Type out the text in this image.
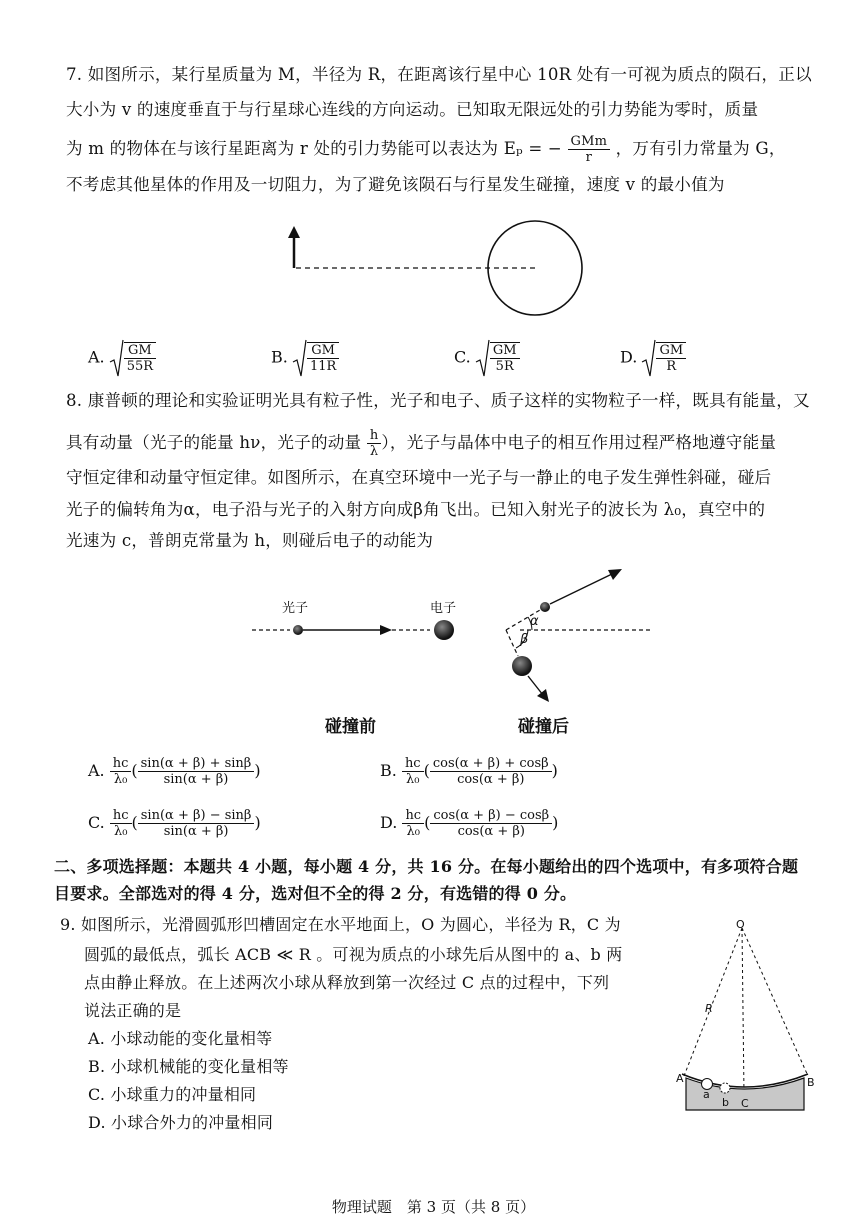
7. 如图所示，某行星质量为 M，半径为 R，在距离该行星中心 10R 处有一可视为质点的陨石，正以
大小为 v 的速度垂直于与行星球心连线的方向运动。已知取无限远处的引力势能为零时，质量
为 m 的物体在与该行星距离为 r 处的引力势能可以表达为 Eₚ = − $\frac{\text{GMm}}{r}$ ，万有引力常量为 G，
不考虑其他星体的作用及一切阻力，为了避免该陨石与行星发生碰撞，速度 v 的最小值为
A. $\frac{GM}{55R}$	B. $\frac{GM}{11R}$	C. $\frac{GM}{5R}$	D. $\frac{GM}{R}$
8. 康普顿的理论和实验证明光具有粒子性，光子和电子、质子这样的实物粒子一样，既具有能量，又
具有动量（光子的能量 hν，光子的动量 $\frac{h}{\lambda}$ ），光子与晶体中电子的相互作用过程严格地遵守能量
守恒定律和动量守恒定律。如图所示，在真空环境中一光子与一静止的电子发生弹性斜碰，碰后
光子的偏转角为α，电子沿与光子的入射方向成β角飞出。已知入射光子的波长为 λ₀，真空中的
光速为 c，普朗克常量为 h，则碰后电子的动能为
光子	电子
α
β
碰撞前	碰撞后
A. $\frac{hc}{\text{λ₀}}$ ( $\frac{\sin(\alpha + \beta) + \sin\beta}{\sin(\alpha + \beta)}$ )	B. $\frac{hc}{\text{λ₀}}$ ( $\frac{\cos(\alpha + \beta) + \cos\beta}{\cos(\alpha + \beta)}$ )
C. $\frac{hc}{\text{λ₀}}$ ( $\frac{\sin(\alpha + \beta) - \sin\beta}{\sin(\alpha + \beta)}$ )	D. $\frac{hc}{\text{λ₀}}$ ( $\frac{\cos(\alpha + \beta) - \cos\beta}{\cos(\alpha + \beta)}$ )
二、多项选择题：本题共 4 小题，每小题 4 分，共 16 分。在每小题给出的四个选项中，有多项符合题
目要求。全部选对的得 4 分，选对但不全的得 2 分，有选错的得 0 分。
9. 如图所示，光滑圆弧形凹槽固定在水平地面上，O 为圆心，半径为 R，C 为
圆弧的最低点，弧长 ACB ≪ R 。可视为质点的小球先后从图中的 a、b 两
点由静止释放。在上述两次小球从释放到第一次经过 C 点的过程中，下列
说法正确的是
A. 小球动能的变化量相等
B. 小球机械能的变化量相等
C. 小球重力的冲量相同
D. 小球合外力的冲量相同
O
R
A	B
a
b C
物理试题　第 3 页（共 8 页）
